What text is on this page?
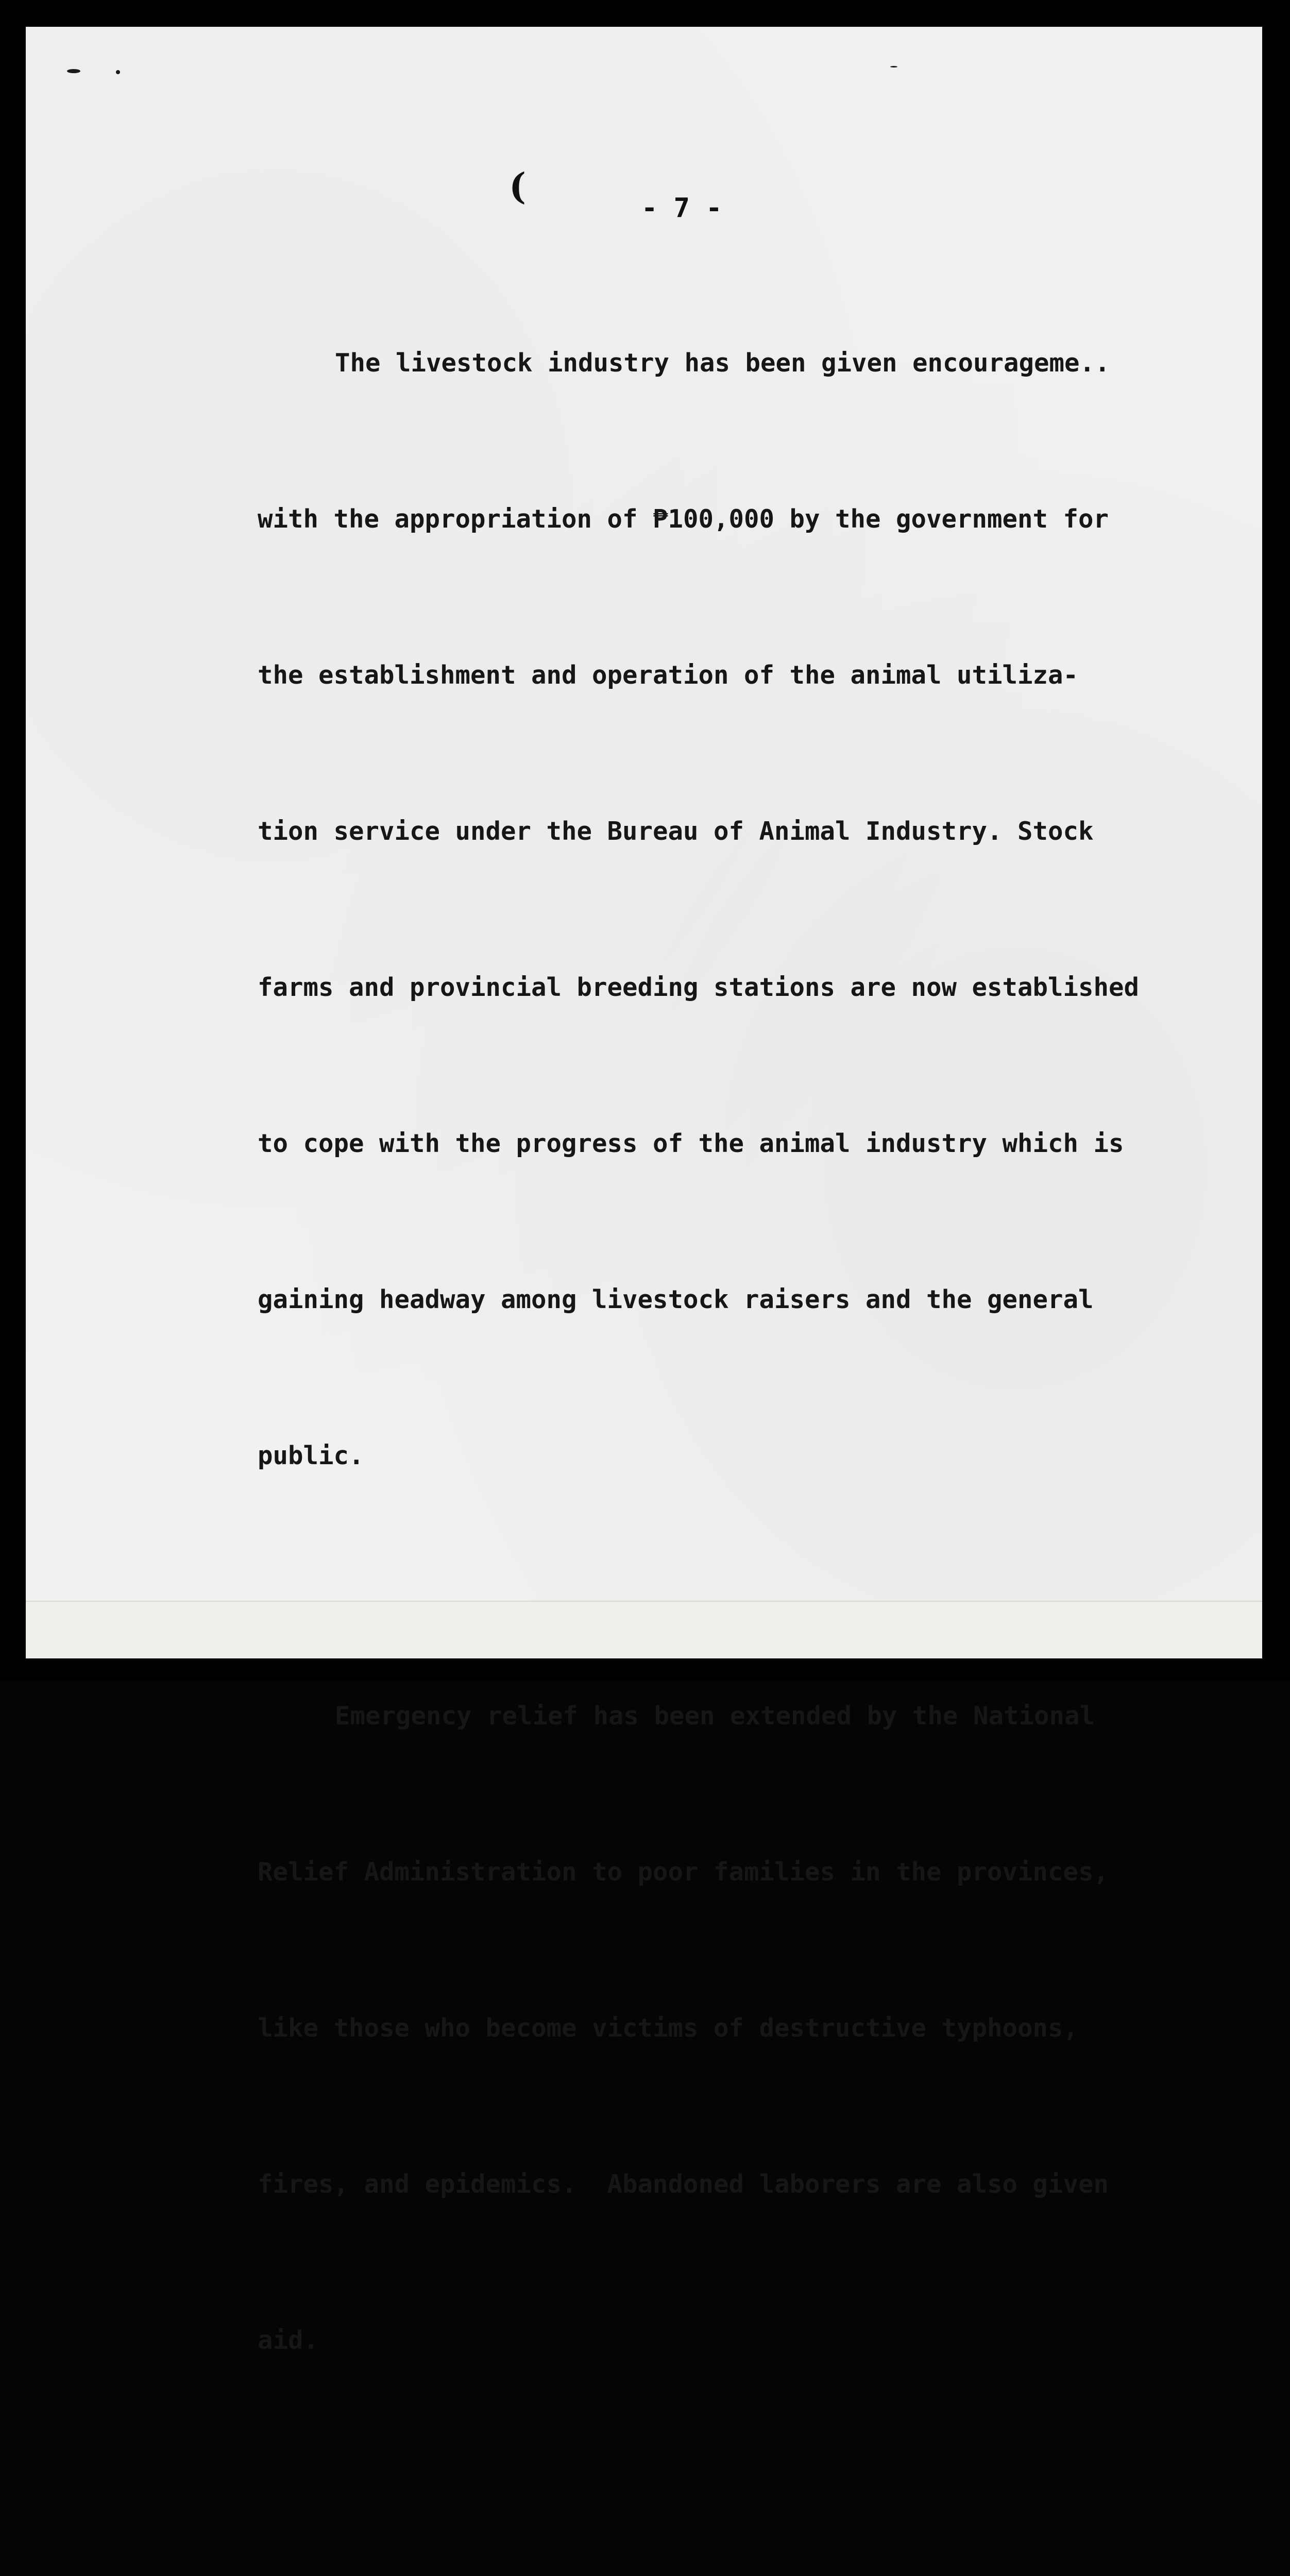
(
- 7 -

The livestock industry has been given encourageme..

with the appropriation of ₱100,000 by the government for

the establishment and operation of the animal utiliza-

tion service under the Bureau of Animal Industry. Stock

farms and provincial breeding stations are now established

to cope with the progress of the animal industry which is

gaining headway among livestock raisers and the general

public.

Emergency relief has been extended by the National

Relief Administration to poor families in the provinces,

like those who become victims of destructive typhoons,

fires, and epidemics.  Abandoned laborers are also given

aid.
